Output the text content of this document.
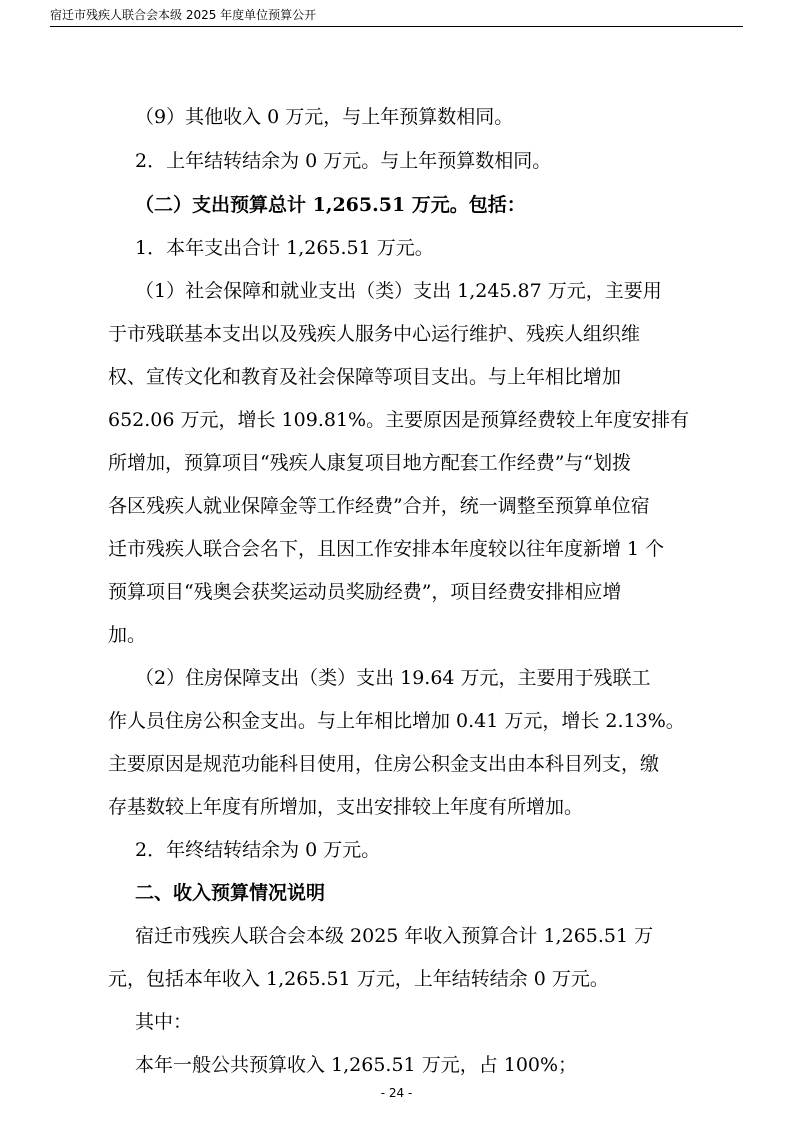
宿迁市残疾人联合会本级 2025 年度单位预算公开
（9）其他收入 0 万元，与上年预算数相同。
2．上年结转结余为 0 万元。与上年预算数相同。
（二）支出预算总计 1,265.51 万元。包括：
1．本年支出合计 1,265.51 万元。
（1）社会保障和就业支出（类）支出 1,245.87 万元，主要用
于市残联基本支出以及残疾人服务中心运行维护、残疾人组织维
权、宣传文化和教育及社会保障等项目支出。与上年相比增加
652.06 万元，增长 109.81%。主要原因是预算经费较上年度安排有
所增加，预算项目“残疾人康复项目地方配套工作经费”与“划拨
各区残疾人就业保障金等工作经费”合并，统一调整至预算单位宿
迁市残疾人联合会名下，且因工作安排本年度较以往年度新增 1 个
预算项目“残奥会获奖运动员奖励经费”，项目经费安排相应增
加。
（2）住房保障支出（类）支出 19.64 万元，主要用于残联工
作人员住房公积金支出。与上年相比增加 0.41 万元，增长 2.13%。
主要原因是规范功能科目使用，住房公积金支出由本科目列支，缴
存基数较上年度有所增加，支出安排较上年度有所增加。
2．年终结转结余为 0 万元。
二、收入预算情况说明
宿迁市残疾人联合会本级 2025 年收入预算合计 1,265.51 万
元，包括本年收入 1,265.51 万元，上年结转结余 0 万元。
其中：
本年一般公共预算收入 1,265.51 万元，占 100%；
- 24 -
